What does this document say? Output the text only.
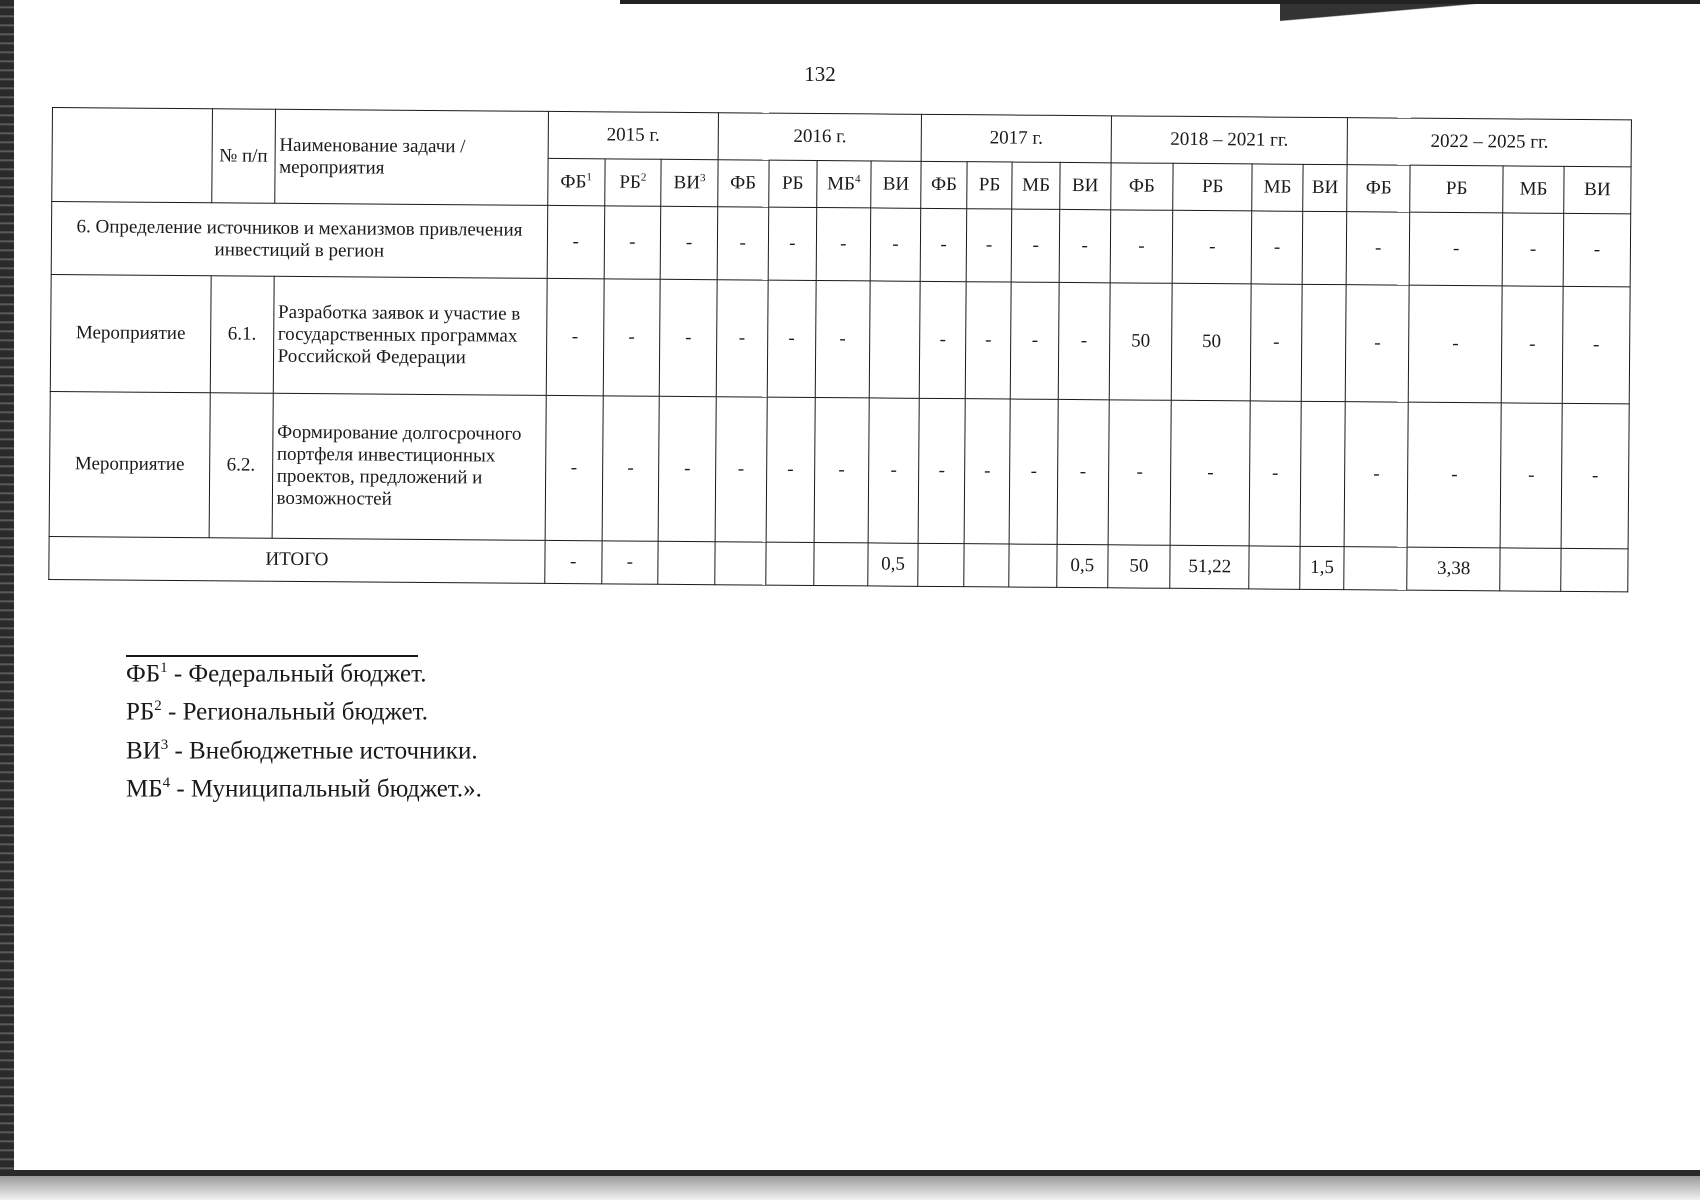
132
	№ п/п	Наименование задачи / мероприятия	2015 г.			2016 г.				2017 г.				2018 – 2021 гг.				2022 – 2025 гг.			
			$ФБ^1$	$РБ^2$	$ВИ^3$	ФБ	РБ	$МБ^4$	ВИ	ФБ	РБ	МБ	ВИ	ФБ	РБ	МБ	ВИ	ФБ	РБ	МБ	ВИ
6. Определение источников и механизмов привлечения инвестиций в регион			-	-	-	-	-	-	-	-	-	-	-	-	-	-		-	-	-	-
Мероприятие	6.1.	Разработка заявок и участие в государственных программах Российской Федерации	-	-	-	-	-	-		-	-	-	-	50	50	-		-	-	-	-
Мероприятие	6.2.	Формирование долгосрочного портфеля инвестиционных проектов, предложений и возможностей	-	-	-	-	-	-	-	-	-	-	-	-	-	-		-	-	-	-
ИТОГО			-	-					0,5				0,5	50	51,22		1,5		3,38		
$ФБ^1$ - Федеральный бюджет.
$РБ^2$ - Региональный бюджет.
$ВИ^3$ - Внебюджетные источники.
$МБ^4$ - Муниципальный бюджет.».
